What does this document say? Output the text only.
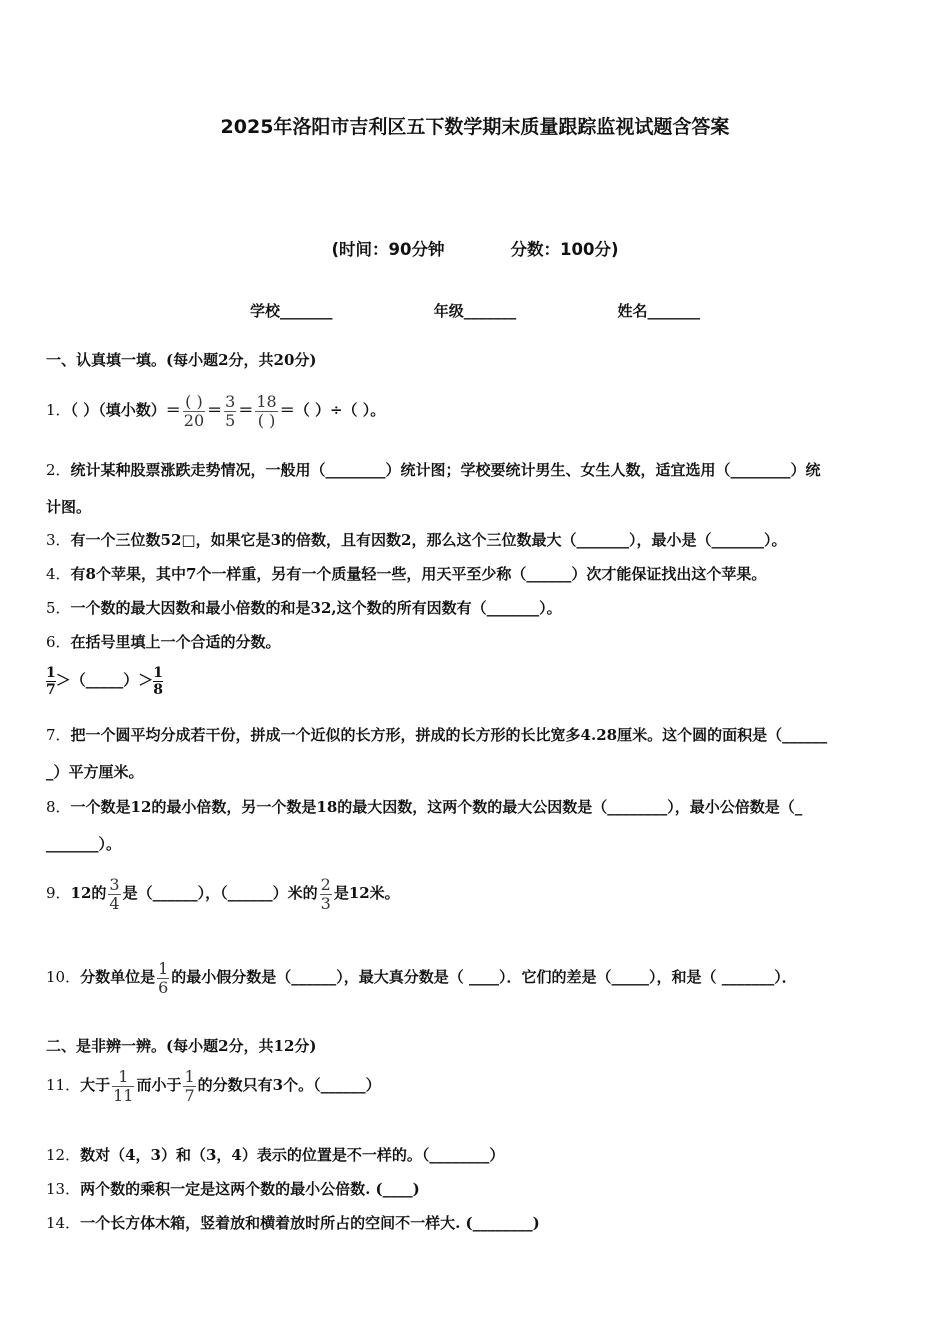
2025年洛阳市吉利区五下数学期末质量跟踪监视试题含答案
(时间：90分钟	分数：100分)
学校_______	年级_______	姓名_______
一、认真填一填。(每小题2分，共20分)
1．（ ）（填小数）＝ $\frac{( )}{20} = \frac{3}{5} = \frac{18}{( )}$ ＝（ ）÷（ ）。
2．统计某种股票涨跌走势情况，一般用（________）统计图；学校要统计男生、女生人数，适宜选用（________）统
计图。
3．有一个三位数52□，如果它是3的倍数，且有因数2，那么这个三位数最大（_______），最小是（_______）。
4．有8个苹果，其中7个一样重，另有一个质量轻一些，用天平至少称（______）次才能保证找出这个苹果。
5．一个数的最大因数和最小倍数的和是32,这个数的所有因数有（_______）。
6．在括号里填上一个合适的分数。
$\frac{1}{7}$ ＞（_____）＞ $\frac{1}{8}$
7．把一个圆平均分成若干份，拼成一个近似的长方形，拼成的长方形的长比宽多4.28厘米。这个圆的面积是（______
_）平方厘米。
8．一个数是12的最小倍数，另一个数是18的最大因数，这两个数的最大公因数是（________），最小公倍数是（_
_______）。
9．12的 $\frac{3}{4}$ 是（______），（______）米的 $\frac{2}{3}$ 是12米。
10．分数单位是 $\frac{1}{6}$ 的最小假分数是（______），最大真分数是（ ____）．它们的差是（_____），和是（ _______）．
二、是非辨一辨。(每小题2分，共12分)
11．大于 $\frac{1}{11}$ 而小于 $\frac{1}{7}$ 的分数只有3个。（______）
12．数对（4，3）和（3，4）表示的位置是不一样的。（________）
13．两个数的乘积一定是这两个数的最小公倍数. (____)
14．一个长方体木箱，竖着放和横着放时所占的空间不一样大. (________)
